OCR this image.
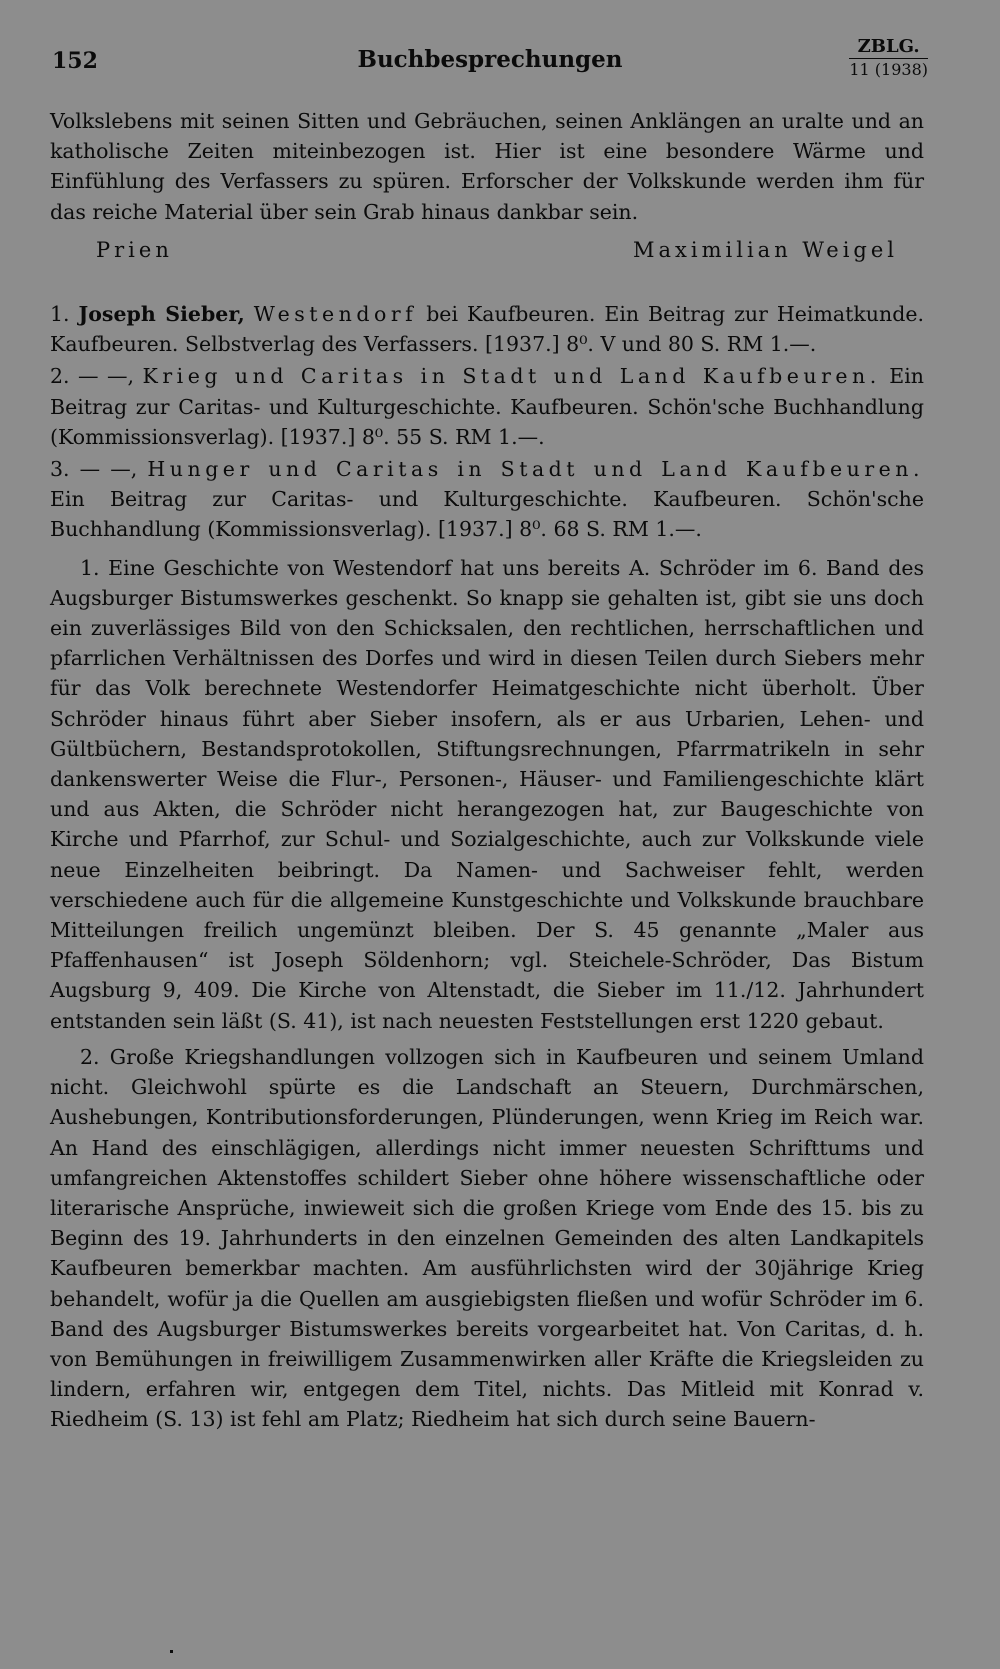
152	Buchbesprechungen	ZBLG.
11 (1938)

Volkslebens mit seinen Sitten und Gebräuchen, seinen Anklängen an uralte und an katholische Zeiten miteinbezogen ist. Hier ist eine besondere Wärme und Einfühlung des Verfassers zu spüren. Erforscher der Volkskunde werden ihm für das reiche Material über sein Grab hinaus dankbar sein.

Prien	Maximilian Weigel

1. Joseph Sieber, Westendorf bei Kaufbeuren. Ein Beitrag zur Heimatkunde. Kaufbeuren. Selbstverlag des Verfassers. [1937.] 8⁰. V und 80 S. RM 1.—.

2. — —, Krieg und Caritas in Stadt und Land Kaufbeuren. Ein Beitrag zur Caritas- und Kulturgeschichte. Kaufbeuren. Schön'sche Buchhandlung (Kommissionsverlag). [1937.] 8⁰. 55 S. RM 1.—.

3. — —, Hunger und Caritas in Stadt und Land Kaufbeuren. Ein Beitrag zur Caritas- und Kulturgeschichte. Kaufbeuren. Schön'sche Buchhandlung (Kommissionsverlag). [1937.] 8⁰. 68 S. RM 1.—.

1. Eine Geschichte von Westendorf hat uns bereits A. Schröder im 6. Band des Augsburger Bistumswerkes geschenkt. So knapp sie gehalten ist, gibt sie uns doch ein zuverlässiges Bild von den Schicksalen, den rechtlichen, herrschaftlichen und pfarrlichen Verhältnissen des Dorfes und wird in diesen Teilen durch Siebers mehr für das Volk berechnete Westendorfer Heimatgeschichte nicht überholt. Über Schröder hinaus führt aber Sieber insofern, als er aus Urbarien, Lehen- und Gültbüchern, Bestandsprotokollen, Stiftungsrechnungen, Pfarrmatrikeln in sehr dankenswerter Weise die Flur-, Personen-, Häuser- und Familiengeschichte klärt und aus Akten, die Schröder nicht herangezogen hat, zur Baugeschichte von Kirche und Pfarrhof, zur Schul- und Sozialgeschichte, auch zur Volkskunde viele neue Einzelheiten beibringt. Da Namen- und Sachweiser fehlt, werden verschiedene auch für die allgemeine Kunstgeschichte und Volkskunde brauchbare Mitteilungen freilich ungemünzt bleiben. Der S. 45 genannte „Maler aus Pfaffenhausen“ ist Joseph Söldenhorn; vgl. Steichele-Schröder, Das Bistum Augsburg 9, 409. Die Kirche von Altenstadt, die Sieber im 11./12. Jahrhundert entstanden sein läßt (S. 41), ist nach neuesten Feststellungen erst 1220 gebaut.

2. Große Kriegshandlungen vollzogen sich in Kaufbeuren und seinem Umland nicht. Gleichwohl spürte es die Landschaft an Steuern, Durchmärschen, Aushebungen, Kontributionsforderungen, Plünderungen, wenn Krieg im Reich war. An Hand des einschlägigen, allerdings nicht immer neuesten Schrifttums und umfangreichen Aktenstoffes schildert Sieber ohne höhere wissenschaftliche oder literarische Ansprüche, inwieweit sich die großen Kriege vom Ende des 15. bis zu Beginn des 19. Jahrhunderts in den einzelnen Gemeinden des alten Landkapitels Kaufbeuren bemerkbar machten. Am ausführlichsten wird der 30jährige Krieg behandelt, wofür ja die Quellen am ausgiebigsten fließen und wofür Schröder im 6. Band des Augsburger Bistumswerkes bereits vorgearbeitet hat. Von Caritas, d. h. von Bemühungen in freiwilligem Zusammenwirken aller Kräfte die Kriegsleiden zu lindern, erfahren wir, entgegen dem Titel, nichts. Das Mitleid mit Konrad v. Riedheim (S. 13) ist fehl am Platz; Riedheim hat sich durch seine Bauern-
